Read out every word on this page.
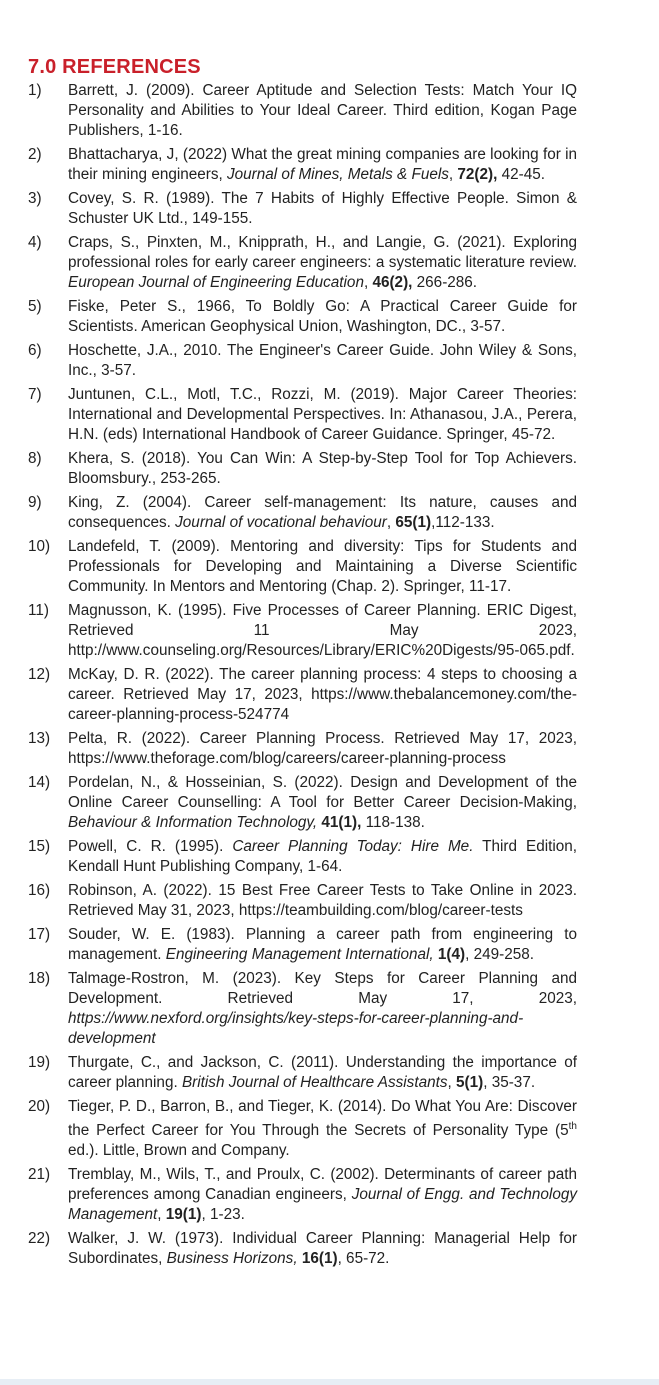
7.0 REFERENCES
1)	Barrett, J. (2009). Career Aptitude and Selection Tests: Match Your IQ Personality and Abilities to Your Ideal Career. Third edition, Kogan Page Publishers, 1-16.
2)	Bhattacharya, J, (2022) What the great mining companies are looking for in their mining engineers, Journal of Mines, Metals & Fuels, 72(2), 42-45.
3)	Covey, S. R. (1989). The 7 Habits of Highly Effective People. Simon & Schuster UK Ltd., 149-155.
4)	Craps, S., Pinxten, M., Knipprath, H., and Langie, G. (2021). Exploring professional roles for early career engineers: a systematic literature review. European Journal of Engineering Education, 46(2), 266-286.
5)	Fiske, Peter S., 1966, To Boldly Go: A Practical Career Guide for Scientists. American Geophysical Union, Washington, DC., 3-57.
6)	Hoschette, J.A., 2010. The Engineer's Career Guide. John Wiley & Sons, Inc., 3-57.
7)	Juntunen, C.L., Motl, T.C., Rozzi, M. (2019). Major Career Theories: International and Developmental Perspectives. In: Athanasou, J.A., Perera, H.N. (eds) International Handbook of Career Guidance. Springer, 45-72.
8)	Khera, S. (2018). You Can Win: A Step-by-Step Tool for Top Achievers. Bloomsbury., 253-265.
9)	King, Z. (2004). Career self-management: Its nature, causes and consequences. Journal of vocational behaviour, 65(1),112-133.
10)	Landefeld, T. (2009). Mentoring and diversity: Tips for Students and Professionals for Developing and Maintaining a Diverse Scientific Community. In Mentors and Mentoring (Chap. 2). Springer, 11-17.
11)	Magnusson, K. (1995). Five Processes of Career Planning. ERIC Digest, Retrieved 11 May 2023, http://www.counseling.org/Resources/Library/ERIC%20Digests/95-065.pdf.
12)	McKay, D. R. (2022). The career planning process: 4 steps to choosing a career. Retrieved May 17, 2023, https://www.thebalancemoney.com/the-career-planning-process-524774
13)	Pelta, R. (2022). Career Planning Process. Retrieved May 17, 2023, https://www.theforage.com/blog/careers/career-planning-process
14)	Pordelan, N., & Hosseinian, S. (2022). Design and Development of the Online Career Counselling: A Tool for Better Career Decision-Making, Behaviour & Information Technology, 41(1), 118-138.
15)	Powell, C. R. (1995). Career Planning Today: Hire Me. Third Edition, Kendall Hunt Publishing Company, 1-64.
16)	Robinson, A. (2022). 15 Best Free Career Tests to Take Online in 2023. Retrieved May 31, 2023, https://teambuilding.com/blog/career-tests
17)	Souder, W. E. (1983). Planning a career path from engineering to management. Engineering Management International, 1(4), 249-258.
18)	Talmage-Rostron, M. (2023). Key Steps for Career Planning and Development. Retrieved May 17, 2023, https://www.nexford.org/insights/key-steps-for-career-planning-and-development
19)	Thurgate, C., and Jackson, C. (2011). Understanding the importance of career planning. British Journal of Healthcare Assistants, 5(1), 35-37.
20)	Tieger, P. D., Barron, B., and Tieger, K. (2014). Do What You Are: Discover the Perfect Career for You Through the Secrets of Personality Type (5th ed.). Little, Brown and Company.
21)	Tremblay, M., Wils, T., and Proulx, C. (2002). Determinants of career path preferences among Canadian engineers, Journal of Engg. and Technology Management, 19(1), 1-23.
22)	Walker, J. W. (1973). Individual Career Planning: Managerial Help for Subordinates, Business Horizons, 16(1), 65-72.
